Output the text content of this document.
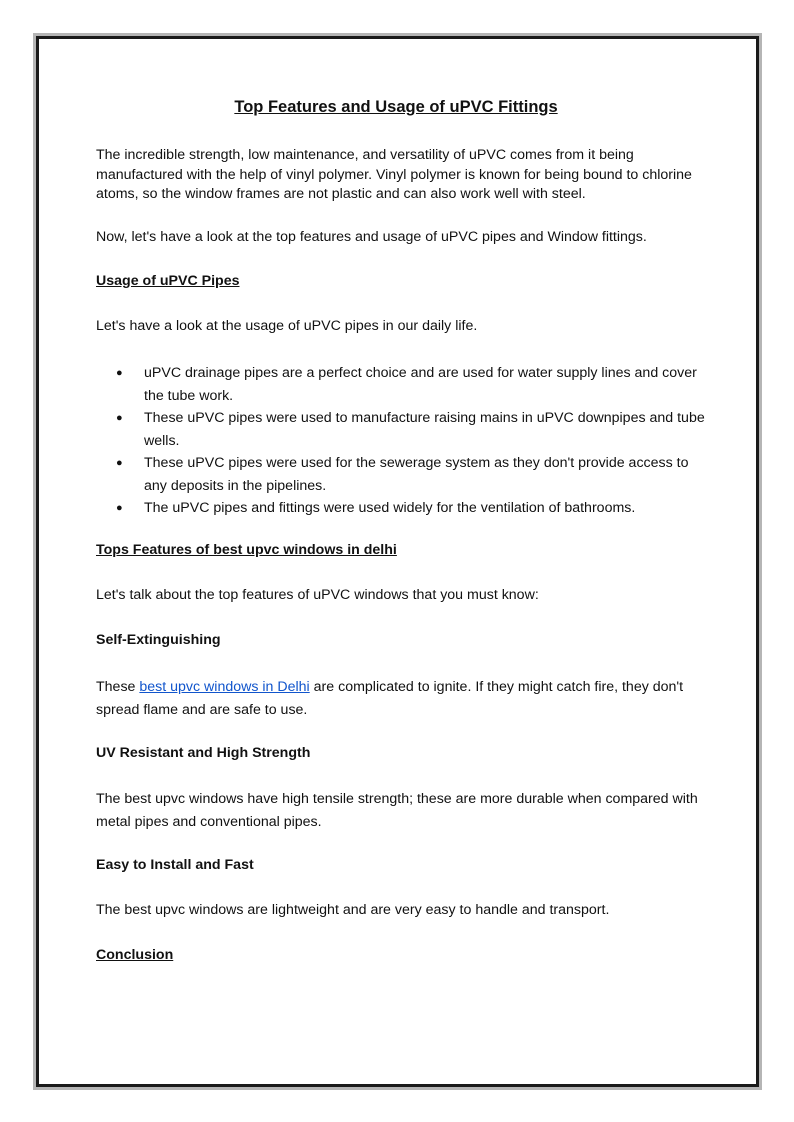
Top Features and Usage of uPVC Fittings

The incredible strength, low maintenance, and versatility of uPVC comes from it being manufactured with the help of vinyl polymer. Vinyl polymer is known for being bound to chlorine atoms, so the window frames are not plastic and can also work well with steel.

Now, let's have a look at the top features and usage of uPVC pipes and Window fittings.

Usage of uPVC Pipes

Let's have a look at the usage of uPVC pipes in our daily life.

● uPVC drainage pipes are a perfect choice and are used for water supply lines and cover the tube work.
● These uPVC pipes were used to manufacture raising mains in uPVC downpipes and tube wells.
● These uPVC pipes were used for the sewerage system as they don't provide access to any deposits in the pipelines.
● The uPVC pipes and fittings were used widely for the ventilation of bathrooms.

Tops Features of best upvc windows in delhi

Let's talk about the top features of uPVC windows that you must know:

Self-Extinguishing

These best upvc windows in Delhi are complicated to ignite. If they might catch fire, they don't spread flame and are safe to use.

UV Resistant and High Strength

The best upvc windows have high tensile strength; these are more durable when compared with metal pipes and conventional pipes.

Easy to Install and Fast

The best upvc windows are lightweight and are very easy to handle and transport.

Conclusion
